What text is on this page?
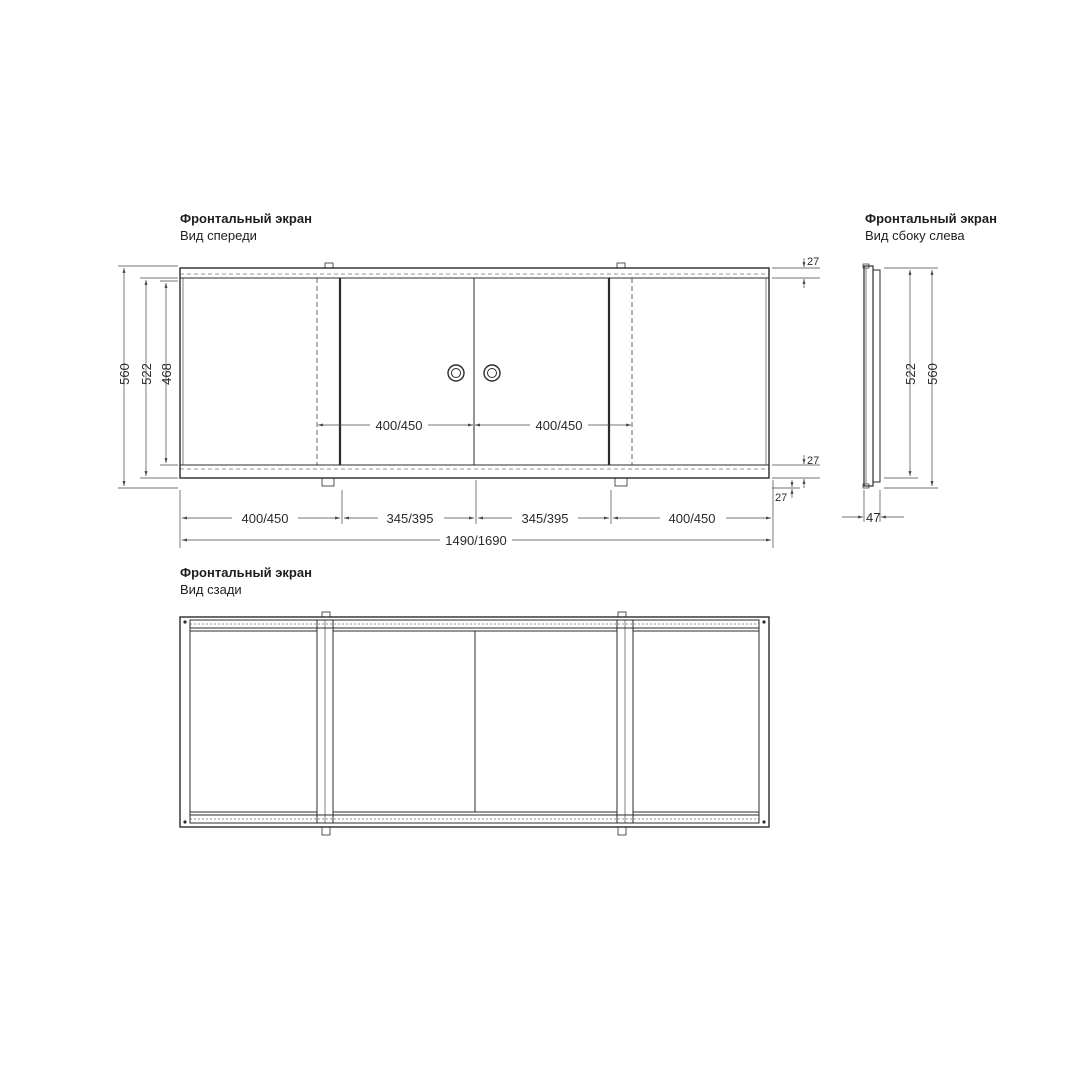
Фронтальный экран
Вид спереди
Фронтальный экран
Вид сбоку слева
Фронтальный экран
Вид сзади
560 522 468
400/450	400/450
27
27
27
400/450	345/395	345/395	400/450
1490/1690
522 560
47
